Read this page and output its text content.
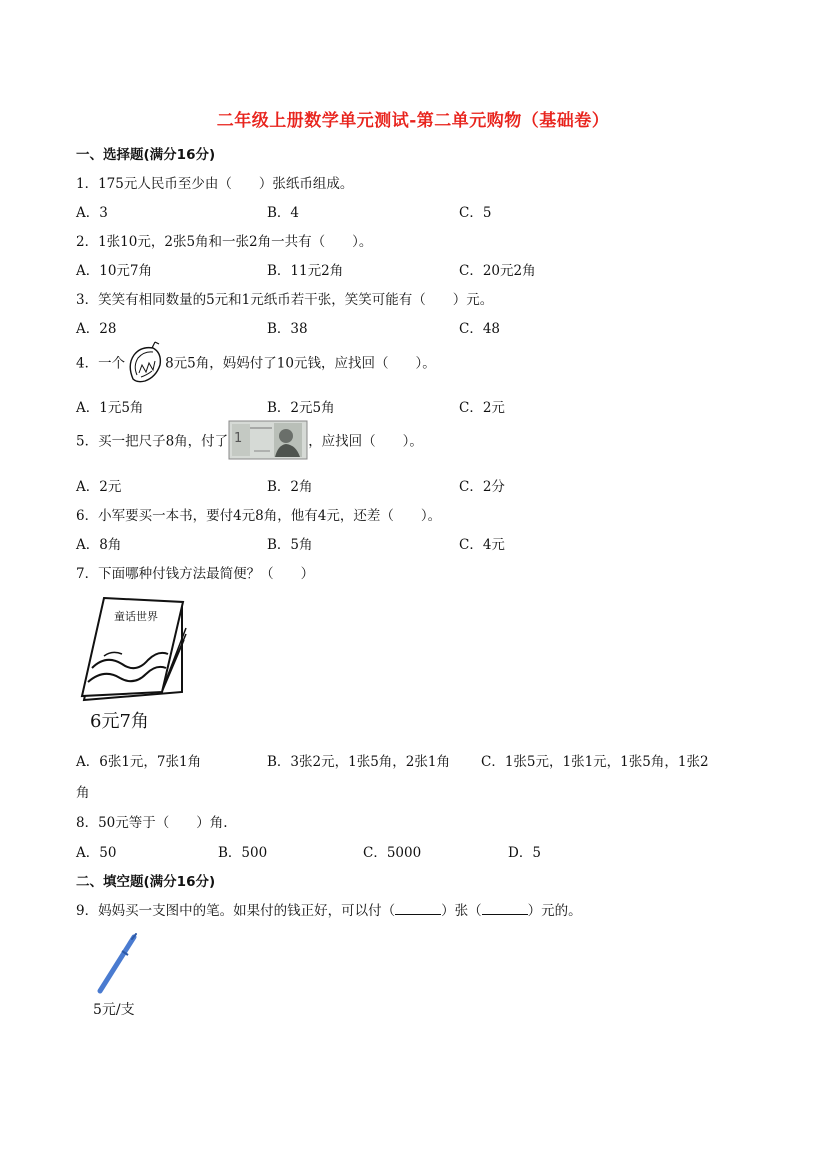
二年级上册数学单元测试-第二单元购物（基础卷）
一、选择题(满分16分)
1．175元人民币至少由（　　）张纸币组成。
A．3	B．4	C．5
2．1张10元，2张5角和一张2角一共有（　　）。
A．10元7角	B．11元2角	C．20元2角
3．笑笑有相同数量的5元和1元纸币若干张，笑笑可能有（　　）元。
A．28	B．38	C．48
4．一个	8元5角，妈妈付了10元钱，应找回（　　）。
A．1元5角	B．2元5角	C．2元
5．买一把尺子8角，付了 1	，应找回（　　）。
A．2元	B．2角	C．2分
6．小军要买一本书，要付4元8角，他有4元，还差（　　）。
A．8角	B．5角	C．4元
7．下面哪种付钱方法最简便？（　　）
童话世界
6元7角
A．6张1元，7张1角	B．3张2元，1张5角，2张1角 C．1张5元，1张1元，1张5角，1张2
角
8．50元等于（　　）角.
A．50	B．500	C．5000	D．5
二、填空题(满分16分)
9．妈妈买一支图中的笔。如果付的钱正好，可以付（	）张（	）元的。
5元/支
